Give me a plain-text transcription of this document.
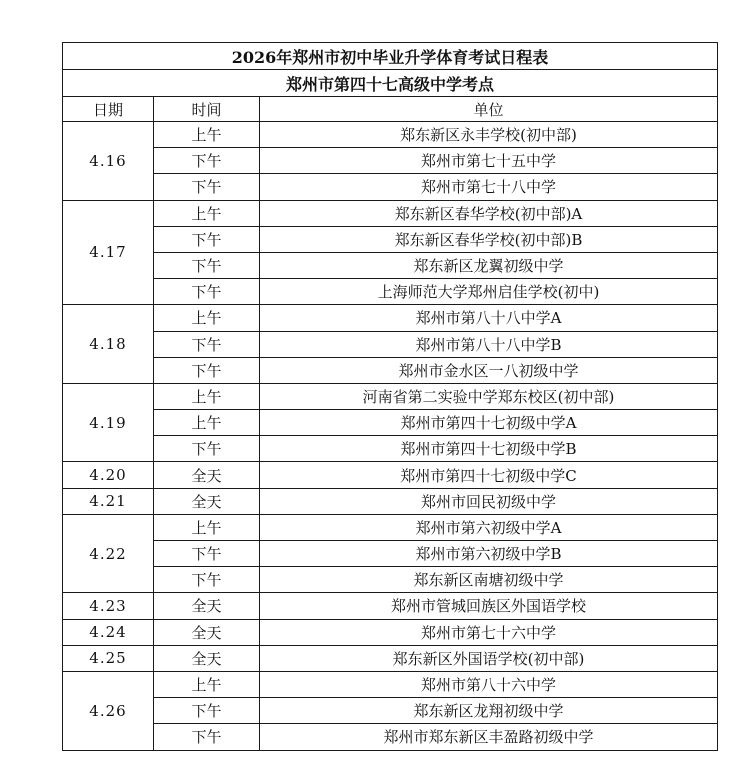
2026年郑州市初中毕业升学体育考试日程表		
郑州市第四十七高级中学考点		
日期	时间	单位
4.16	上午	郑东新区永丰学校(初中部)
	下午	郑州市第七十五中学
	下午	郑州市第七十八中学
4.17	上午	郑东新区春华学校(初中部)A
	下午	郑东新区春华学校(初中部)B
	下午	郑东新区龙翼初级中学
	下午	上海师范大学郑州启佳学校(初中)
4.18	上午	郑州市第八十八中学A
	下午	郑州市第八十八中学B
	下午	郑州市金水区一八初级中学
4.19	上午	河南省第二实验中学郑东校区(初中部)
	上午	郑州市第四十七初级中学A
	下午	郑州市第四十七初级中学B
4.20	全天	郑州市第四十七初级中学C
4.21	全天	郑州市回民初级中学
4.22	上午	郑州市第六初级中学A
	下午	郑州市第六初级中学B
	下午	郑东新区南塘初级中学
4.23	全天	郑州市管城回族区外国语学校
4.24	全天	郑州市第七十六中学
4.25	全天	郑东新区外国语学校(初中部)
4.26	上午	郑州市第八十六中学
	下午	郑东新区龙翔初级中学
	下午	郑州市郑东新区丰盈路初级中学
